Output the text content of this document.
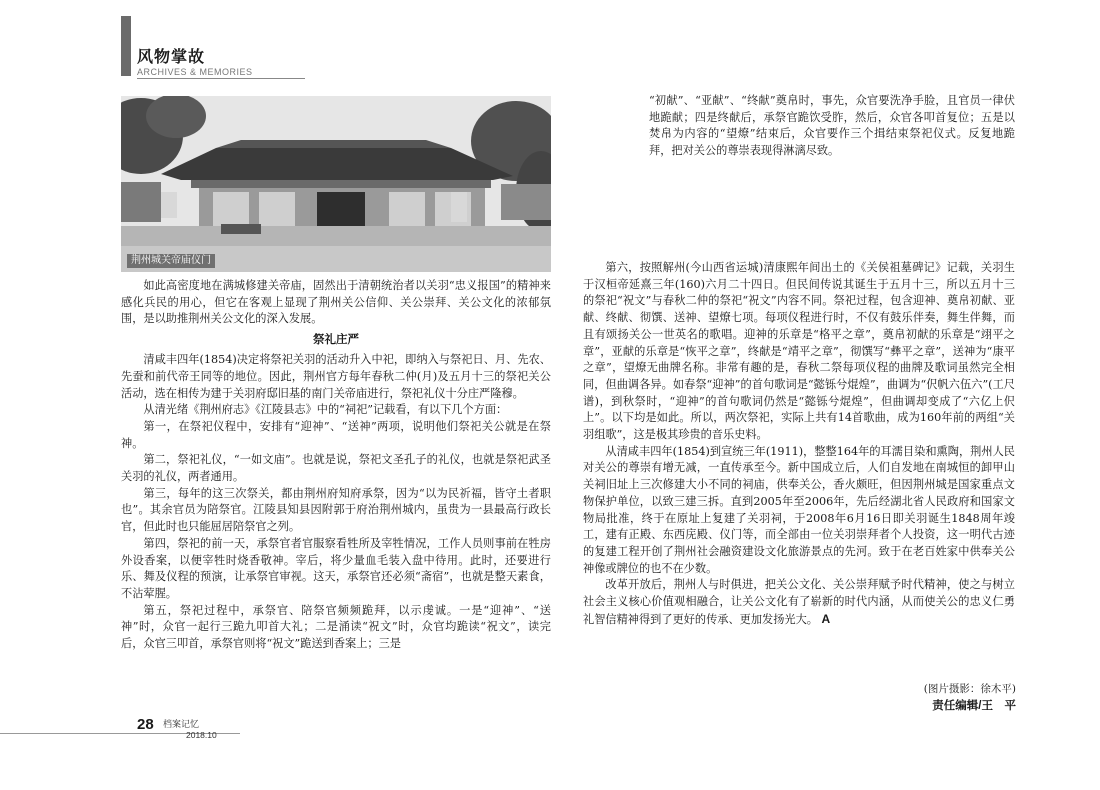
风物掌故
ARCHIVES & MEMORIES
荆州城关帝庙仪门

如此高密度地在满城修建关帝庙，固然出于清朝统治者以关羽“忠义报国”的精神来感化兵民的用心，但它在客观上显现了荆州关公信仰、关公崇拜、关公文化的浓郁氛围，是以助推荆州关公文化的深入发展。

祭礼庄严

清咸丰四年(1854)决定将祭祀关羽的活动升入中祀，即纳入与祭祀日、月、先农、先蚕和前代帝王同等的地位。因此，荆州官方每年春秋二仲(月)及五月十三的祭祀关公活动，选在相传为建于关羽府邸旧基的南门关帝庙进行，祭祀礼仪十分庄严隆穆。

从清光绪《荆州府志》《江陵县志》中的“祠祀”记载看，有以下几个方面：

第一，在祭祀仪程中，安排有“迎神”、“送神”两项，说明他们祭祀关公就是在祭神。

第二，祭祀礼仪，“一如文庙”。也就是说，祭祀文圣孔子的礼仪，也就是祭祀武圣关羽的礼仪，两者通用。

第三，每年的这三次祭关，都由荆州府知府承祭，因为“以为民祈福，皆守土者职也”。其余官员为陪祭官。江陵县知县因附郭于府治荆州城内，虽贵为一县最高行政长官，但此时也只能屈居陪祭官之列。

第四，祭祀的前一天，承祭官者官服察看牲所及宰牲情况，工作人员则事前在牲房外设香案，以便宰牲时烧香敬神。宰后，将少量血毛装入盘中待用。此时，还要进行乐、舞及仪程的预演，让承祭官审视。这天，承祭官还必须“斋宿”，也就是整天素食，不沾荤腥。

第五，祭祀过程中，承祭官、陪祭官频频跪拜，以示虔诚。一是“迎神”、“送神”时，众官一起行三跪九叩首大礼；二是涌读“祝文”时，众官均跪读“祝文”，读完后，众官三叩首，承祭官则将“祝文”跪送到香案上；三是

“初献”、“亚献”、“终献”奠帛时，事先，众官要洗净手脸，且官员一律伏地跪献；四是终献后，承祭官跪饮受胙，然后，众官各叩首复位；五是以焚帛为内容的“望燎”结束后，众官要作三个揖结束祭祀仪式。反复地跪拜，把对关公的尊崇表现得淋漓尽致。

第六，按照解州(今山西省运城)清康熙年间出土的《关侯祖墓碑记》记载，关羽生于汉桓帝延熹三年(160)六月二十四日。但民间传说其诞生于五月十三，所以五月十三的祭祀“祝文”与春秋二仲的祭祀“祝文”内容不同。祭祀过程，包含迎神、奠帛初献、亚献、终献、彻馔、送神、望燎七项。每项仪程进行时，不仅有鼓乐伴奏，舞生伴舞，而且有颂扬关公一世英名的歌唱。迎神的乐章是“格平之章”，奠帛初献的乐章是“翊平之章”，亚献的乐章是“恢平之章”，终献是“靖平之章”，彻馔写“彝平之章”，送神为“康平之章”，望燎无曲牌名称。非常有趣的是，春秋二祭每项仪程的曲牌及歌词虽然完全相同，但曲调各异。如春祭“迎神”的首句歌词是“懿铄兮焜煌”，曲调为“伬帆六伍六”(工尺谱)，到秋祭时，“迎神”的首句歌词仍然是“懿铄兮焜煌”，但曲调却变成了“六亿上伬上”。以下均是如此。所以，两次祭祀，实际上共有14首歌曲，成为160年前的两组“关羽组歌”，这是极其珍贵的音乐史料。

从清咸丰四年(1854)到宣统三年(1911)，整整164年的耳濡目染和熏陶，荆州人民对关公的尊崇有增无减，一直传承至今。新中国成立后，人们自发地在南城恒的卸甲山关祠旧址上三次修建大小不同的祠庙，供奉关公，香火颇旺，但因荆州城是国家重点文物保护单位，以致三建三拆。直到2005年至2006年，先后经湖北省人民政府和国家文物局批准，终于在原址上复建了关羽祠，于2008年6月16日即关羽诞生1848周年竣工，建有正殿、东西庑殿、仪门等，而全部由一位关羽崇拜者个人投资，这一明代古迹的复建工程开创了荆州社会融资建设文化旅游景点的先河。致于在老百姓家中供奉关公神像或牌位的也不在少数。

改革开放后，荆州人与时俱进，把关公文化、关公崇拜赋予时代精神，使之与树立社会主义核心价值观相融合，让关公文化有了崭新的时代内涵，从而使关公的忠义仁勇礼智信精神得到了更好的传承、更加发扬光大。 A

(图片摄影：徐木平)
责任编辑/王　平
28 档案记忆
2018.10
